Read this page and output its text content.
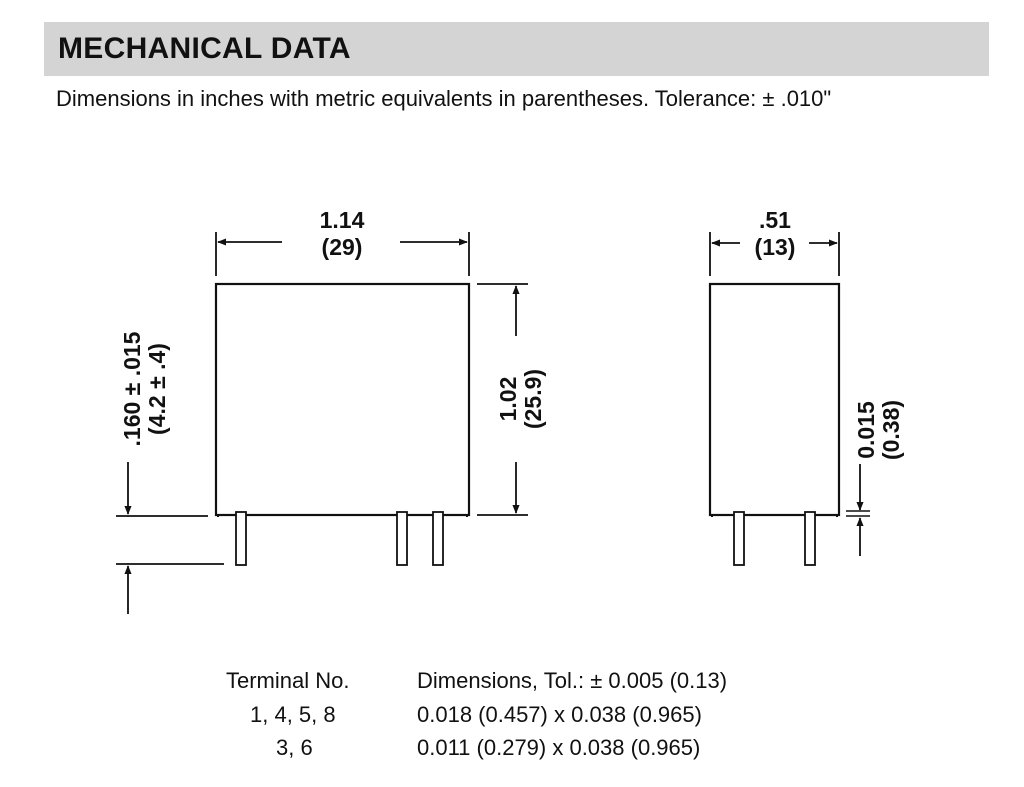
MECHANICAL DATA
Dimensions in inches with metric equivalents in parentheses. Tolerance: ± .010"
1.14
(29)
1.02 (25.9)
.160 ± .015 (4.2 ± .4)
.51
(13)
0.015 (0.38)
Terminal No.	Dimensions, Tol.: ± 0.005 (0.13)
1, 4, 5, 8	0.018 (0.457) x 0.038 (0.965)
3, 6	0.011 (0.279) x 0.038 (0.965)
